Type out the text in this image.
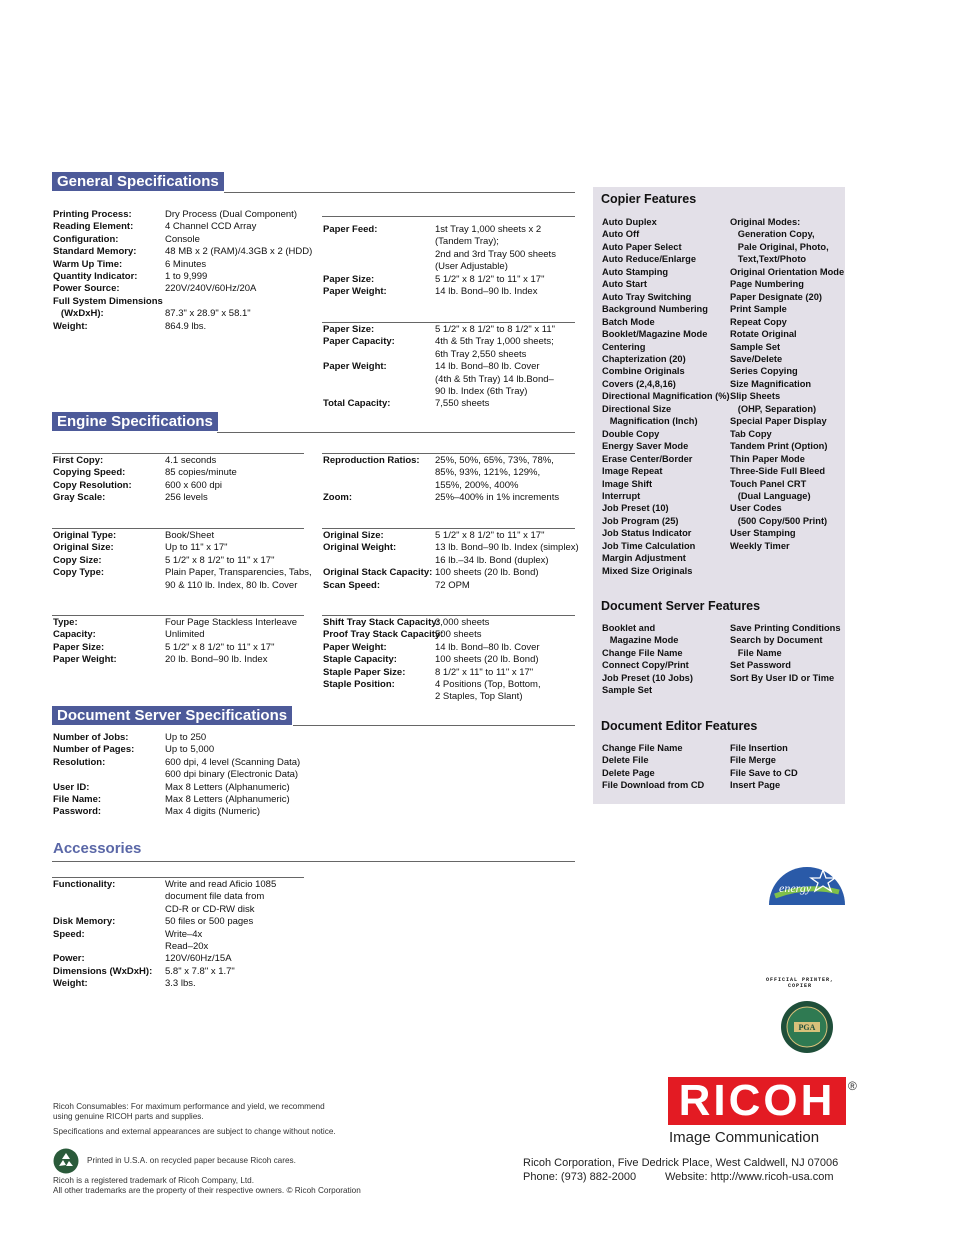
General Specifications
Printing Process:	Dry Process (Dual Component)
Reading Element:	4 Channel CCD Array
Configuration:	Console
Standard Memory:	48 MB x 2 (RAM)/4.3GB x 2 (HDD)
Warm Up Time:	6 Minutes
Quantity Indicator:	1 to 9,999
Power Source:	220V/240V/60Hz/20A
Full System Dimensions
(WxDxH):	
87.3" x 28.9" x 58.1"
Weight:	864.9 lbs.
Paper Feed:	1st Tray 1,000 sheets x 2
(Tandem Tray);
2nd and 3rd Tray 500 sheets
(User Adjustable)
Paper Size:	5 1/2" x 8 1/2" to 11" x 17"
Paper Weight:	14 lb. Bond–90 lb. Index
Paper Size:	5 1/2" x 8 1/2" to 8 1/2" x 11"
Paper Capacity:	4th & 5th Tray 1,000 sheets;
6th Tray 2,550 sheets
Paper Weight:	14 lb. Bond–80 lb. Cover
(4th & 5th Tray) 14 lb.Bond–
90 lb. Index (6th Tray)
Total Capacity:	7,550 sheets
Engine Specifications
First Copy:	4.1 seconds
Copying Speed:	85 copies/minute
Copy Resolution:	600 x 600 dpi
Gray Scale:	256 levels
Reproduction Ratios:	25%, 50%, 65%, 73%, 78%,
85%, 93%, 121%, 129%,
155%, 200%, 400%
Zoom:	25%–400% in 1% increments
Original Type:	Book/Sheet
Original Size:	Up to 11" x 17"
Copy Size:	5 1/2" x 8 1/2" to 11" x 17"
Copy Type:	Plain Paper, Transparencies, Tabs,
90 & 110 lb. Index, 80 lb. Cover
Original Size:	5 1/2" x 8 1/2" to 11" x 17"
Original Weight:	13 lb. Bond–90 lb. Index (simplex)
16 lb.–34 lb. Bond (duplex)
Original Stack Capacity: 100 sheets (20 lb. Bond)
Scan Speed:	72 OPM
Type:	Four Page Stackless Interleave
Capacity:	Unlimited
Paper Size:	5 1/2" x 8 1/2" to 11" x 17"
Paper Weight:	20 lb. Bond–90 lb. Index
Shift Tray Stack Capacity:
3,000 sheets
Proof Tray Stack Capacity:
500 sheets
Paper Weight:	14 lb. Bond–80 lb. Cover
Staple Capacity:	100 sheets (20 lb. Bond)
Staple Paper Size:	8 1/2" x 11" to 11" x 17"
Staple Position:	4 Positions (Top, Bottom,
2 Staples, Top Slant)
Document Server Specifications
Number of Jobs:	Up to 250
Number of Pages:	Up to 5,000
Resolution:	600 dpi, 4 level (Scanning Data)
600 dpi binary (Electronic Data)
User ID:	Max 8 Letters (Alphanumeric)
File Name:	Max 8 Letters (Alphanumeric)
Password:	Max 4 digits (Numeric)
Accessories
Functionality:	Write and read Aficio 1085
document file data from
CD-R or CD-RW disk
Disk Memory:	50 files or 500 pages
Speed:	Write–4x
Read–20x
Power:	120V/60Hz/15A
Dimensions (WxDxH):	5.8" x 7.8" x 1.7"
Weight:	3.3 lbs.
Copier Features
Auto Duplex
Auto Off
Auto Paper Select
Auto Reduce/Enlarge
Auto Stamping
Auto Start
Auto Tray Switching
Background Numbering
Batch Mode
Booklet/Magazine Mode
Centering
Chapterization (20)
Combine Originals
Covers (2,4,8,16)
Directional Magnification (%)
Directional Size
Magnification (Inch)
Double Copy
Energy Saver Mode
Erase Center/Border
Image Repeat
Image Shift
Interrupt
Job Preset (10)
Job Program (25)
Job Status Indicator
Job Time Calculation
Margin Adjustment
Mixed Size Originals
Original Modes:
Generation Copy,
Pale Original, Photo,
Text,Text/Photo
Original Orientation Mode
Page Numbering
Paper Designate (20)
Print Sample
Repeat Copy
Rotate Original
Sample Set
Save/Delete
Series Copying
Size Magnification
Slip Sheets
(OHP, Separation)
Special Paper Display
Tab Copy
Tandem Print (Option)
Thin Paper Mode
Three-Side Full Bleed
Touch Panel CRT
(Dual Language)
User Codes
(500 Copy/500 Print)
User Stamping
Weekly Timer
Document Server Features
Booklet and
Magazine Mode
Change File Name
Connect Copy/Print
Job Preset (10 Jobs)
Sample Set
Save Printing Conditions
Search by Document
File Name
Set Password
Sort By User ID or Time
Document Editor Features
Change File Name
Delete File
Delete Page
File Download from CD
File Insertion
File Merge
File Save to CD
Insert Page
energy
OFFICIAL PRINTER,
COPIER
PGA
RICOH	®
Image Communication
Ricoh Corporation, Five Dedrick Place, West Caldwell, NJ 07006
Phone: (973) 882-2000	Website: http://www.ricoh-usa.com
Ricoh Consumables: For maximum performance and yield, we recommend
using genuine RICOH parts and supplies.
Specifications and external appearances are subject to change without notice.
Printed in U.S.A. on recycled paper because Ricoh cares.
Ricoh is a registered trademark of Ricoh Company, Ltd.
All other trademarks are the property of their respective owners. © Ricoh Corporation
